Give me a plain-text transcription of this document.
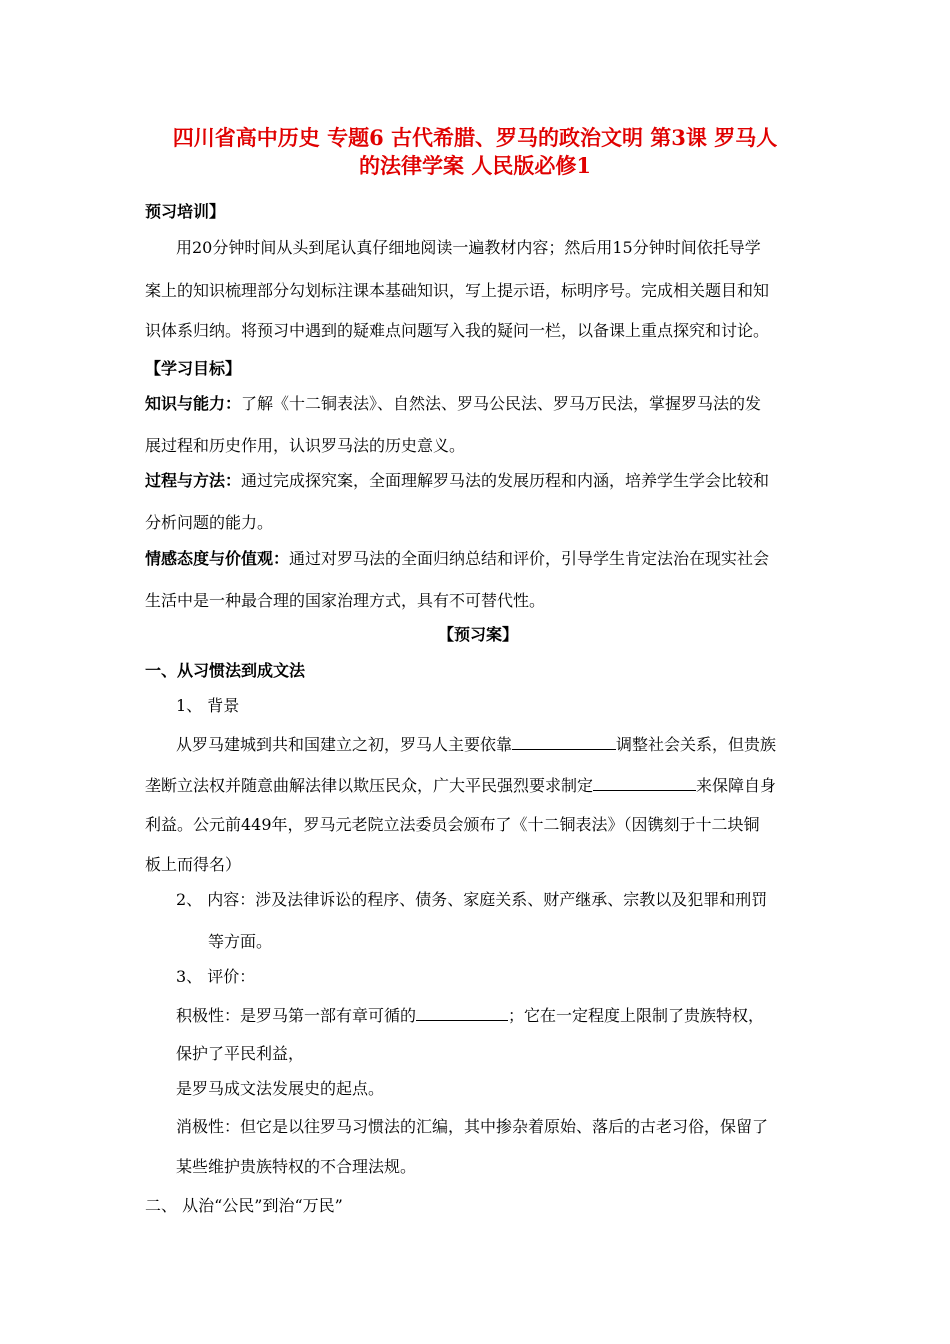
四川省高中历史 专题6 古代希腊、罗马的政治文明 第3课 罗马人
的法律学案 人民版必修1
预习培训】
用20分钟时间从头到尾认真仔细地阅读一遍教材内容；然后用15分钟时间依托导学
案上的知识梳理部分勾划标注课本基础知识，写上提示语，标明序号。完成相关题目和知
识体系归纳。将预习中遇到的疑难点问题写入我的疑问一栏，以备课上重点探究和讨论。
【学习目标】
知识与能力：了解《十二铜表法》、自然法、罗马公民法、罗马万民法，掌握罗马法的发
展过程和历史作用，认识罗马法的历史意义。
过程与方法：通过完成探究案，全面理解罗马法的发展历程和内涵，培养学生学会比较和
分析问题的能力。
情感态度与价值观：通过对罗马法的全面归纳总结和评价，引导学生肯定法治在现实社会
生活中是一种最合理的国家治理方式，具有不可替代性。
【预习案】
一、从习惯法到成文法
1、 背景
从罗马建城到共和国建立之初，罗马人主要依靠	调整社会关系，但贵族
垄断立法权并随意曲解法律以欺压民众，广大平民强烈要求制定	来保障自身
利益。公元前449年，罗马元老院立法委员会颁布了《十二铜表法》（因镌刻于十二块铜
板上而得名）
2、 内容：涉及法律诉讼的程序、债务、家庭关系、财产继承、宗教以及犯罪和刑罚
等方面。
3、 评价：
积极性：是罗马第一部有章可循的	；它在一定程度上限制了贵族特权，
保护了平民利益，
是罗马成文法发展史的起点。
消极性：但它是以往罗马习惯法的汇编，其中掺杂着原始、落后的古老习俗，保留了
某些维护贵族特权的不合理法规。
二、 从治“公民”到治“万民”
